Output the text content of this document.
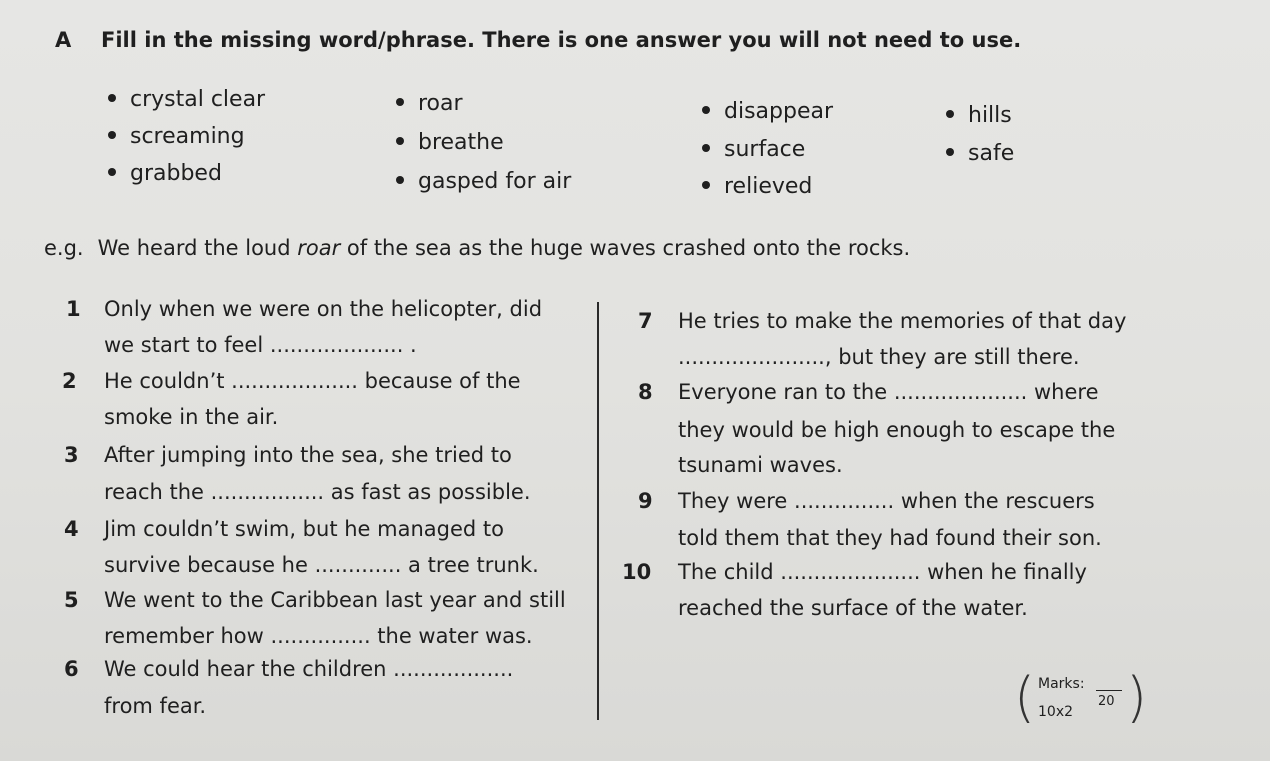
A Fill in the missing word/phrase. There is one answer you will not need to use.
crystal clear
screaming
grabbed
roar
breathe
gasped for air
disappear
surface
relieved
hills
safe
e.g. We heard the loud roar of the sea as the huge waves crashed onto the rocks.
1 Only when we were on the helicopter, did
we start to feel .................... .
2 He couldn’t ................... because of the
smoke in the air.
3 After jumping into the sea, she tried to
reach the ................. as fast as possible.
4 Jim couldn’t swim, but he managed to
survive because he ............. a tree trunk.
5 We went to the Caribbean last year and still
remember how ............... the water was.
6 We could hear the children ..................
from fear.
7 He tries to make the memories of that day
......................, but they are still there.
8 Everyone ran to the .................... where
they would be high enough to escape the
tsunami waves.
9 They were ............... when the rescuers
told them that they had found their son.
10 The child ..................... when he finally
reached the surface of the water.
( Marks:
10x2
20 )
